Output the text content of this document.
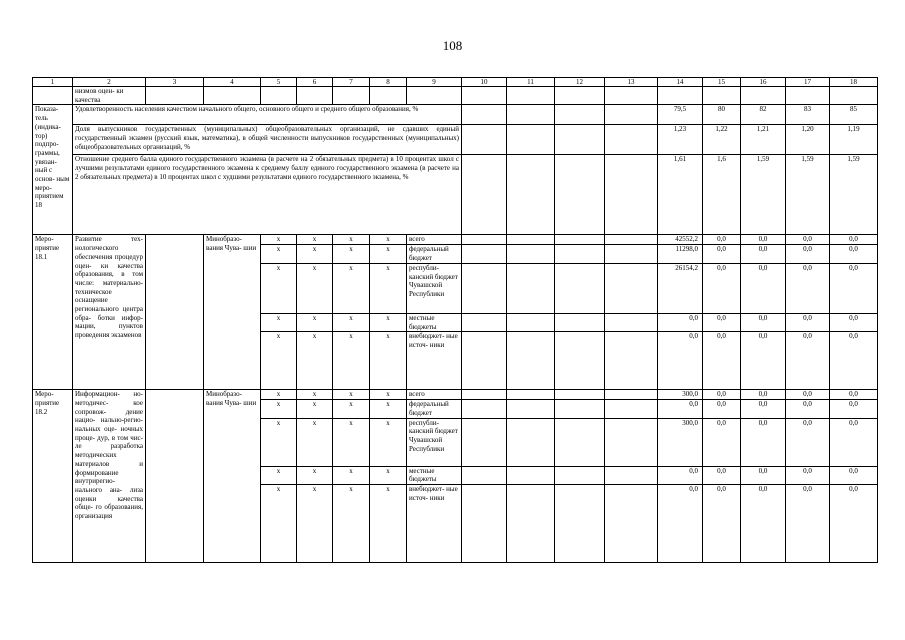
108
1	2	3	4	5	6	7	8	9	10	11	12	13	14	15	16	17	18
	низмов оцен- ки качества																
Показа- тель (индика- тор) подпро- граммы, увязан- ный с основ- ным меро- приятием 18	Удовлетворенность населения качеством начального общего, основного общего и среднего общего образования, %												79,5	80	82	83	85
	Доля выпускников государственных (муниципальных) общеобразовательных организаций, не сдавших единый государственный экзамен (русский язык, математика), в общей численности выпускников государственных (муниципальных) общеобразовательных организаций, %												1,23	1,22	1,21	1,20	1,19
	Отношение среднего балла единого государственного экзамена (в расчете на 2 обязательных предмета) в 10 процентах школ с лучшими результатами единого государственного экзамена к среднему баллу единого государственного экзамена (в расчете на 2 обязательных предмета) в 10 процентах школ с худшими результатами единого государственного экзамена, %												1,61	1,6	1,59	1,59	1,59
Меро- приятие 18.1	Развитие тех- нологического обеспечения процедур оцен- ки качества образования, в том числе: материально- техническое оснащение регионального центра обра- ботки инфор- мации, пунктов проведения экзаменов		Минобразо- вания Чува- шии	x	x	x	x	всего					42552,2	0,0	0,0	0,0	0,0
				x	x	x	x	федеральный бюджет					11298,0	0,0	0,0	0,0	0,0
				x	x	x	x	республи- канский бюджет Чувашской Республики					26154,2	0,0	0,0	0,0	0,0
				x	x	x	x	местные бюджеты					0,0	0,0	0,0	0,0	0,0
				x	x	x	x	внебюджет- ные источ- ники					0,0	0,0	0,0	0,0	0,0
Меро- приятие 18.2	Информацион- но-методичес- кое сопровож- дение нацио- нально-регио- нальных оце- ночных проце- дур, в том чис- ле разработка методических материалов и формирование внутрирегио- нального ана- лиза оценки качества обще- го образования, организация		Минобразо- вания Чува- шии	x	x	x	x	всего					300,0	0,0	0,0	0,0	0,0
				x	x	x	x	федеральный бюджет					0,0	0,0	0,0	0,0	0,0
				x	x	x	x	республи- канский бюджет Чувашской Республики					300,0	0,0	0,0	0,0	0,0
				x	x	x	x	местные бюджеты					0,0	0,0	0,0	0,0	0,0
				x	x	x	x	внебюджет- ные источ- ники					0,0	0,0	0,0	0,0	0,0
